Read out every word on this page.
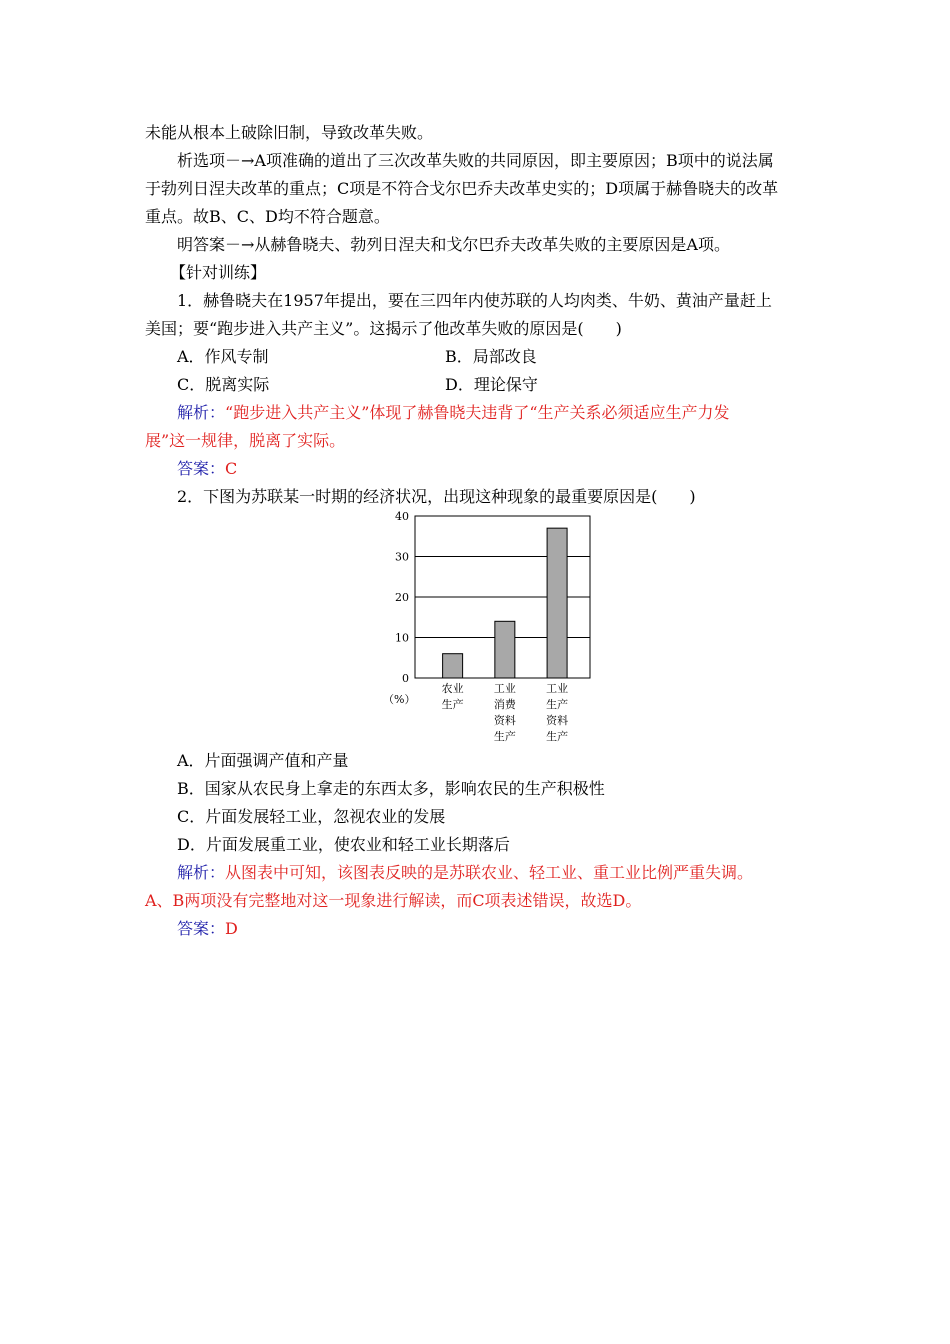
未能从根本上破除旧制，导致改革失败。
析选项－→A项准确的道出了三次改革失败的共同原因，即主要原因；B项中的说法属
于勃列日涅夫改革的重点；C项是不符合戈尔巴乔夫改革史实的；D项属于赫鲁晓夫的改革
重点。故B、C、D均不符合题意。
明答案－→从赫鲁晓夫、勃列日涅夫和戈尔巴乔夫改革失败的主要原因是A项。
【针对训练】
1．赫鲁晓夫在1957年提出，要在三四年内使苏联的人均肉类、牛奶、黄油产量赶上
美国；要“跑步进入共产主义”。这揭示了他改革失败的原因是(　　)
A．作风专制	B．局部改良
C．脱离实际	D．理论保守
解析：“跑步进入共产主义”体现了赫鲁晓夫违背了“生产关系必须适应生产力发
展”这一规律，脱离了实际。
答案：C
2．下图为苏联某一时期的经济状况，出现这种现象的最重要原因是(　　)
0
10
20
30
40
农业
生产
工业
消费
资料
生产
工业
生产
资料
生产
（%）
A．片面强调产值和产量
B．国家从农民身上拿走的东西太多，影响农民的生产积极性
C．片面发展轻工业，忽视农业的发展
D．片面发展重工业，使农业和轻工业长期落后
解析：从图表中可知，该图表反映的是苏联农业、轻工业、重工业比例严重失调。
A、B两项没有完整地对这一现象进行解读，而C项表述错误，故选D。
答案：D
